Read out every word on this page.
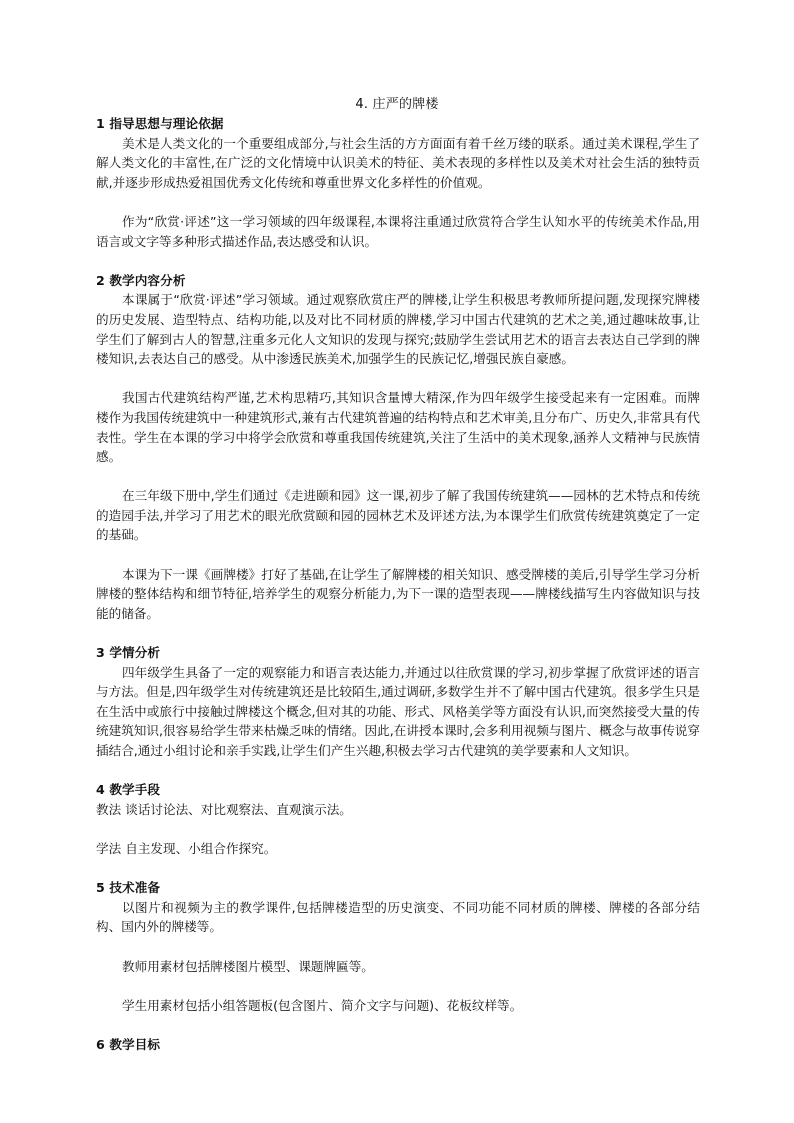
4. 庄严的牌楼

1 指导思想与理论依据

美术是人类文化的一个重要组成部分,与社会生活的方方面面有着千丝万缕的联系。通过美术课程,学生了解人类文化的丰富性,在广泛的文化情境中认识美术的特征、美术表现的多样性以及美术对社会生活的独特贡献,并逐步形成热爱祖国优秀文化传统和尊重世界文化多样性的价值观。

作为“欣赏·评述”这一学习领域的四年级课程,本课将注重通过欣赏符合学生认知水平的传统美术作品,用语言或文字等多种形式描述作品,表达感受和认识。

2 教学内容分析

本课属于“欣赏·评述”学习领域。通过观察欣赏庄严的牌楼,让学生积极思考教师所提问题,发现探究牌楼的历史发展、造型特点、结构功能,以及对比不同材质的牌楼,学习中国古代建筑的艺术之美,通过趣味故事,让学生们了解到古人的智慧,注重多元化人文知识的发现与探究;鼓励学生尝试用艺术的语言去表达自己学到的牌楼知识,去表达自己的感受。从中渗透民族美术,加强学生的民族记忆,增强民族自豪感。

我国古代建筑结构严谨,艺术构思精巧,其知识含量博大精深,作为四年级学生接受起来有一定困难。而牌楼作为我国传统建筑中一种建筑形式,兼有古代建筑普遍的结构特点和艺术审美,且分布广、历史久,非常具有代表性。学生在本课的学习中将学会欣赏和尊重我国传统建筑,关注了生活中的美术现象,涵养人文精神与民族情感。

在三年级下册中,学生们通过《走进颐和园》这一课,初步了解了我国传统建筑——园林的艺术特点和传统的造园手法,并学习了用艺术的眼光欣赏颐和园的园林艺术及评述方法,为本课学生们欣赏传统建筑奠定了一定的基础。

本课为下一课《画牌楼》打好了基础,在让学生了解牌楼的相关知识、感受牌楼的美后,引导学生学习分析牌楼的整体结构和细节特征,培养学生的观察分析能力,为下一课的造型表现——牌楼线描写生内容做知识与技能的储备。

3 学情分析

四年级学生具备了一定的观察能力和语言表达能力,并通过以往欣赏课的学习,初步掌握了欣赏评述的语言与方法。但是,四年级学生对传统建筑还是比较陌生,通过调研,多数学生并不了解中国古代建筑。很多学生只是在生活中或旅行中接触过牌楼这个概念,但对其的功能、形式、风格美学等方面没有认识,而突然接受大量的传统建筑知识,很容易给学生带来枯燥乏味的情绪。因此,在讲授本课时,会多利用视频与图片、概念与故事传说穿插结合,通过小组讨论和亲手实践,让学生们产生兴趣,积极去学习古代建筑的美学要素和人文知识。

4 教学手段

教法 谈话讨论法、对比观察法、直观演示法。

学法 自主发现、小组合作探究。

5 技术准备

以图片和视频为主的教学课件,包括牌楼造型的历史演变、不同功能不同材质的牌楼、牌楼的各部分结构、国内外的牌楼等。

教师用素材包括牌楼图片模型、课题牌匾等。

学生用素材包括小组答题板(包含图片、简介文字与问题)、花板纹样等。

6 教学目标
